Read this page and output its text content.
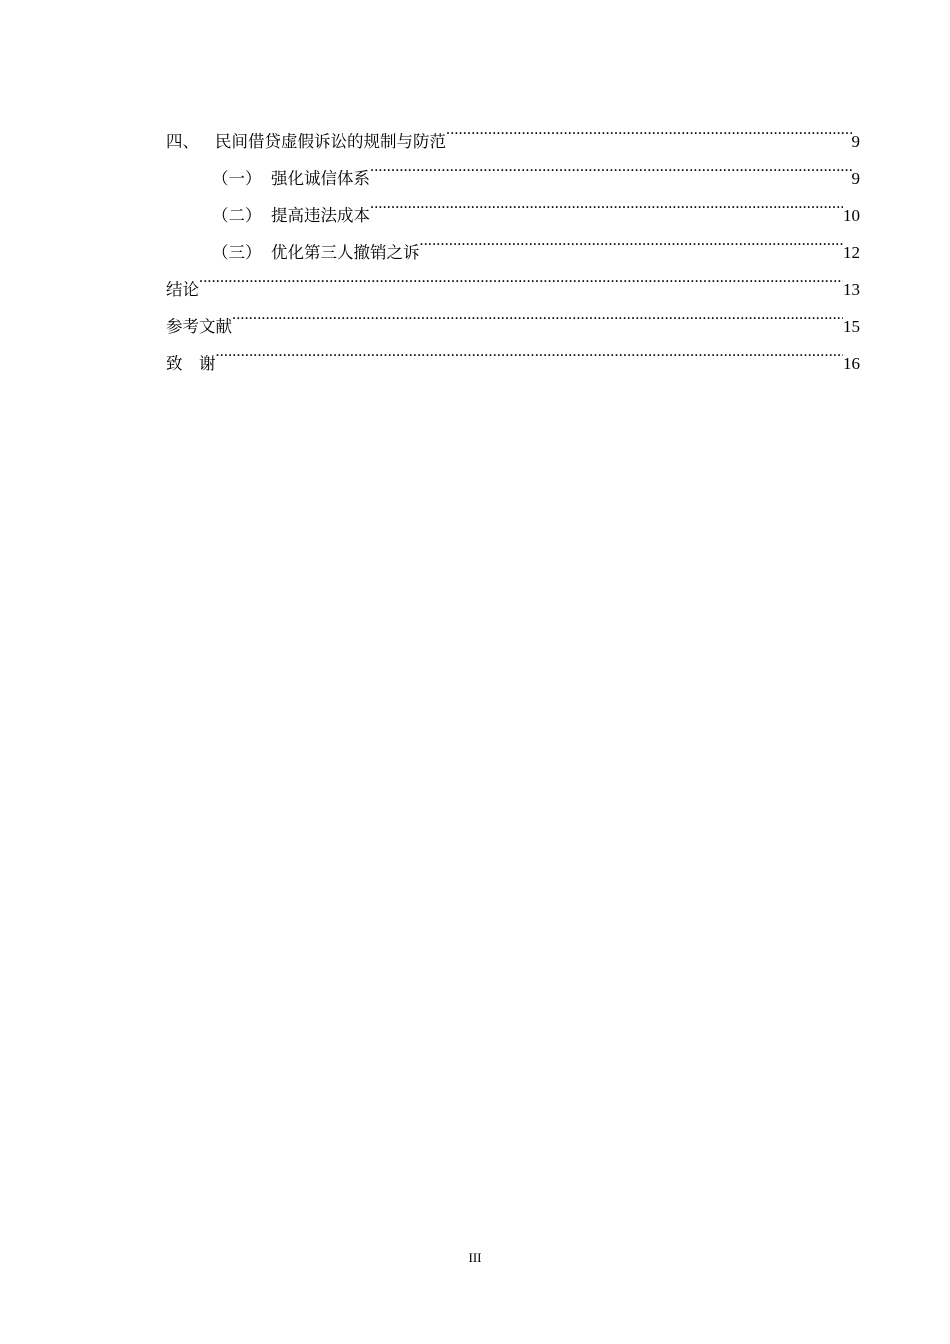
四、 民间借贷虚假诉讼的规制与防范 .....	9
（一） 强化诚信体系 .....	9
（二） 提高违法成本 .....	10
（三） 优化第三人撤销之诉 .....	12
结论 .....	13
参考文献 .....	15
致　谢 .....	16
III
